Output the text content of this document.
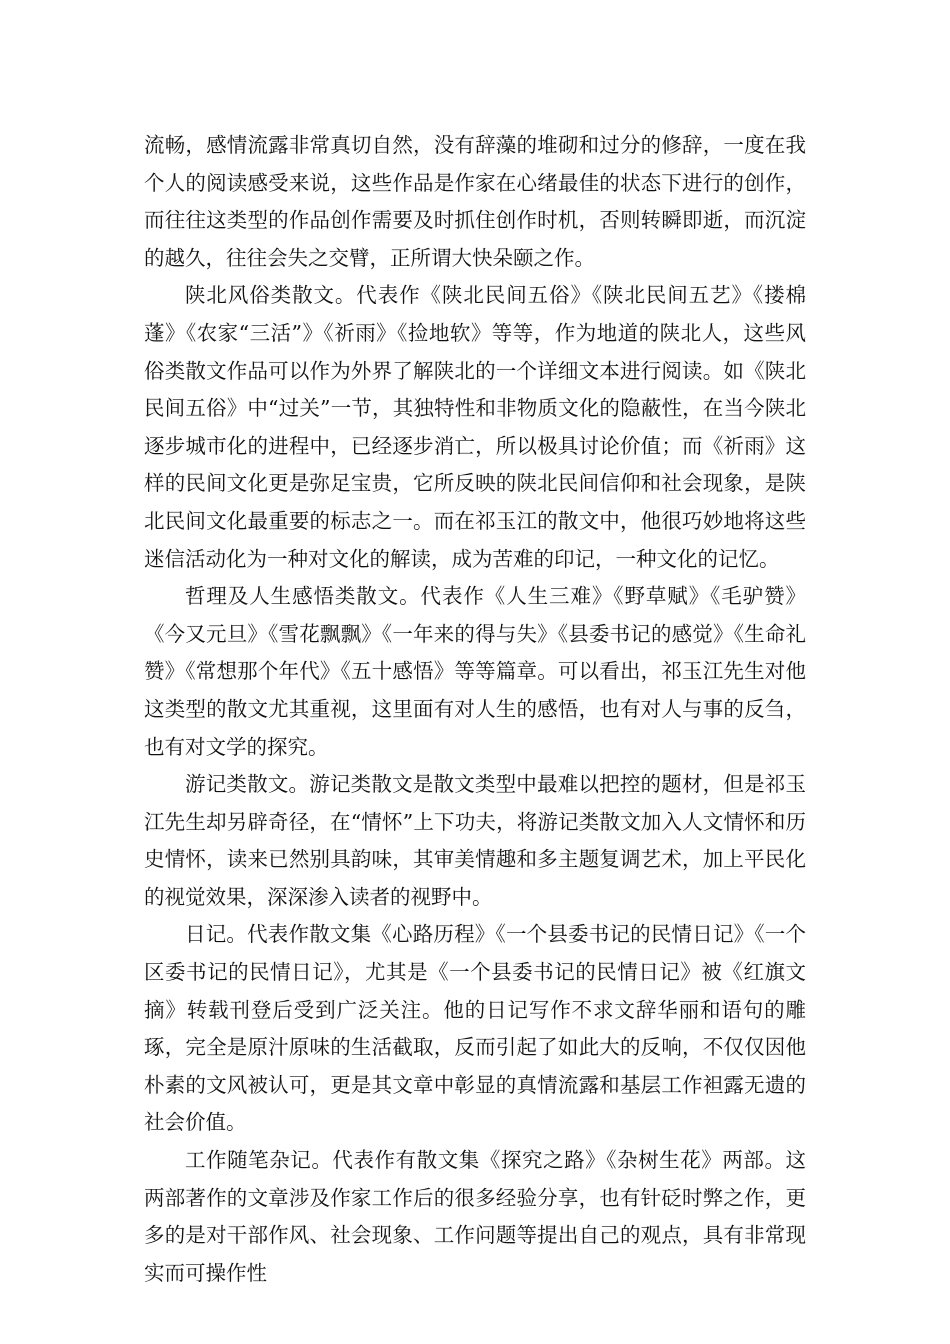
流畅，感情流露非常真切自然，没有辞藻的堆砌和过分的修辞，一度在我个人的阅读感受来说，这些作品是作家在心绪最佳的状态下进行的创作，而往往这类型的作品创作需要及时抓住创作时机，否则转瞬即逝，而沉淀的越久，往往会失之交臂，正所谓大快朵颐之作。

陕北风俗类散文。代表作《陕北民间五俗》《陕北民间五艺》《搂棉蓬》《农家“三活”》《祈雨》《捡地软》等等，作为地道的陕北人，这些风俗类散文作品可以作为外界了解陕北的一个详细文本进行阅读。如《陕北民间五俗》中“过关”一节，其独特性和非物质文化的隐蔽性，在当今陕北逐步城市化的进程中，已经逐步消亡，所以极具讨论价值；而《祈雨》这样的民间文化更是弥足宝贵，它所反映的陕北民间信仰和社会现象，是陕北民间文化最重要的标志之一。而在祁玉江的散文中，他很巧妙地将这些迷信活动化为一种对文化的解读，成为苦难的印记，一种文化的记忆。

哲理及人生感悟类散文。代表作《人生三难》《野草赋》《毛驴赞》《今又元旦》《雪花飘飘》《一年来的得与失》《县委书记的感觉》《生命礼赞》《常想那个年代》《五十感悟》等等篇章。可以看出，祁玉江先生对他这类型的散文尤其重视，这里面有对人生的感悟，也有对人与事的反刍，也有对文学的探究。

游记类散文。游记类散文是散文类型中最难以把控的题材，但是祁玉江先生却另辟奇径，在“情怀”上下功夫，将游记类散文加入人文情怀和历史情怀，读来已然别具韵味，其审美情趣和多主题复调艺术，加上平民化的视觉效果，深深渗入读者的视野中。

日记。代表作散文集《心路历程》《一个县委书记的民情日记》《一个区委书记的民情日记》，尤其是《一个县委书记的民情日记》被《红旗文摘》转载刊登后受到广泛关注。他的日记写作不求文辞华丽和语句的雕琢，完全是原汁原味的生活截取，反而引起了如此大的反响，不仅仅因他朴素的文风被认可，更是其文章中彰显的真情流露和基层工作袒露无遗的社会价值。

工作随笔杂记。代表作有散文集《探究之路》《杂树生花》两部。这两部著作的文章涉及作家工作后的很多经验分享，也有针砭时弊之作，更多的是对干部作风、社会现象、工作问题等提出自己的观点，具有非常现实而可操作性
